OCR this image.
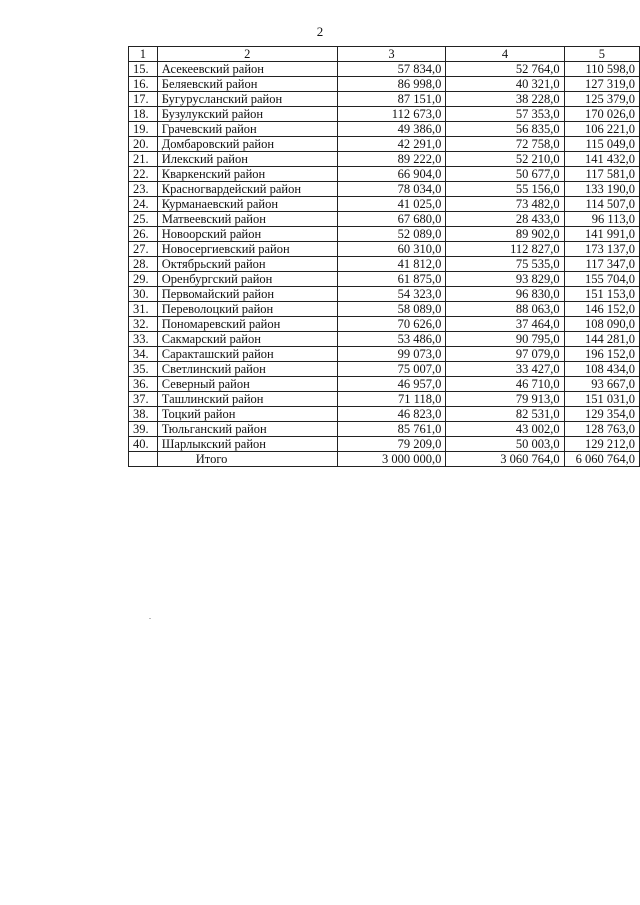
2
1	2	3	4	5
15.	Асекеевский район	57 834,0	52 764,0	110 598,0
16.	Беляевский район	86 998,0	40 321,0	127 319,0
17.	Бугурусланский район	87 151,0	38 228,0	125 379,0
18.	Бузулукский район	112 673,0	57 353,0	170 026,0
19.	Грачевский район	49 386,0	56 835,0	106 221,0
20.	Домбаровский район	42 291,0	72 758,0	115 049,0
21.	Илекский район	89 222,0	52 210,0	141 432,0
22.	Кваркенский район	66 904,0	50 677,0	117 581,0
23.	Красногвардейский район	78 034,0	55 156,0	133 190,0
24.	Курманаевский район	41 025,0	73 482,0	114 507,0
25.	Матвеевский район	67 680,0	28 433,0	96 113,0
26.	Новоорский район	52 089,0	89 902,0	141 991,0
27.	Новосергиевский район	60 310,0	112 827,0	173 137,0
28.	Октябрьский район	41 812,0	75 535,0	117 347,0
29.	Оренбургский район	61 875,0	93 829,0	155 704,0
30.	Первомайский район	54 323,0	96 830,0	151 153,0
31.	Переволоцкий район	58 089,0	88 063,0	146 152,0
32.	Пономаревский район	70 626,0	37 464,0	108 090,0
33.	Сакмарский район	53 486,0	90 795,0	144 281,0
34.	Саракташский район	99 073,0	97 079,0	196 152,0
35.	Светлинский район	75 007,0	33 427,0	108 434,0
36.	Северный район	46 957,0	46 710,0	93 667,0
37.	Ташлинский район	71 118,0	79 913,0	151 031,0
38.	Тоцкий район	46 823,0	82 531,0	129 354,0
39.	Тюльганский район	85 761,0	43 002,0	128 763,0
40.	Шарлыкский район	79 209,0	50 003,0	129 212,0
	Итого	3 000 000,0	3 060 764,0	6 060 764,0
